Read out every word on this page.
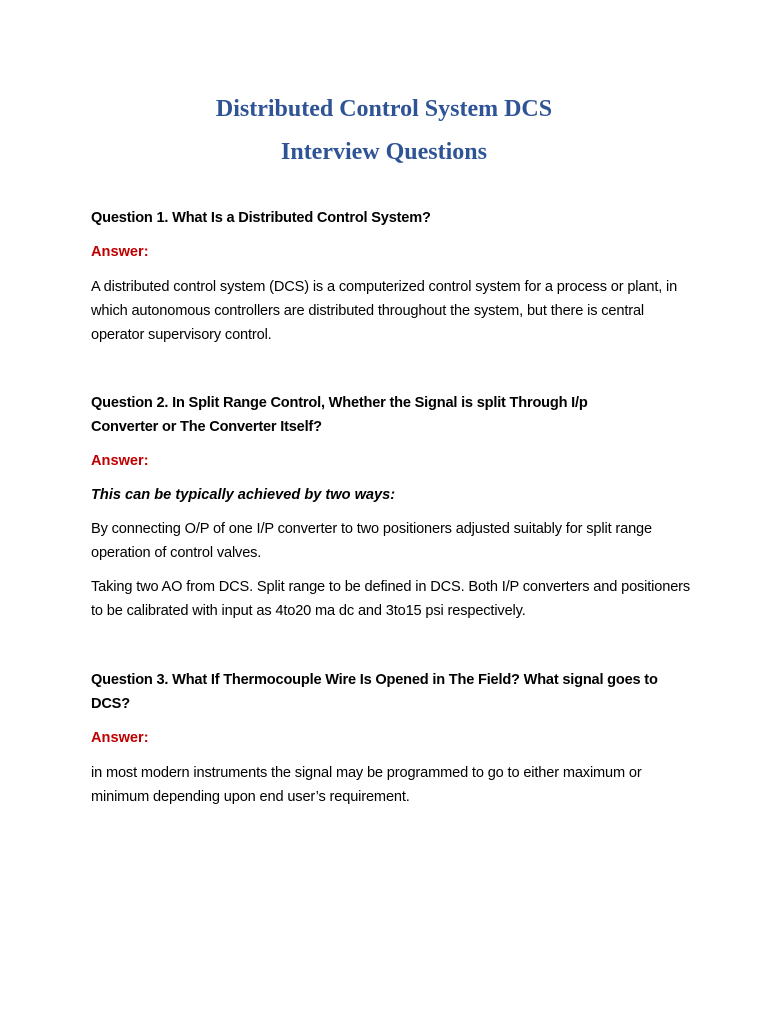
Distributed Control System DCS
Interview Questions
Question 1. What Is a Distributed Control System?
Answer:
A distributed control system (DCS) is a computerized control system for a process or plant, in which autonomous controllers are distributed throughout the system, but there is central operator supervisory control.
Question 2. In Split Range Control, Whether the Signal is split Through I/p Converter or The Converter Itself?
Answer:
This can be typically achieved by two ways:
By connecting O/P of one I/P converter to two positioners adjusted suitably for split range operation of control valves.
Taking two AO from DCS. Split range to be defined in DCS. Both I/P converters and positioners to be calibrated with input as 4to20 ma dc and 3to15 psi respectively.
Question 3. What If Thermocouple Wire Is Opened in The Field? What signal goes to DCS?
Answer:
in most modern instruments the signal may be programmed to go to either maximum or minimum depending upon end user’s requirement.
